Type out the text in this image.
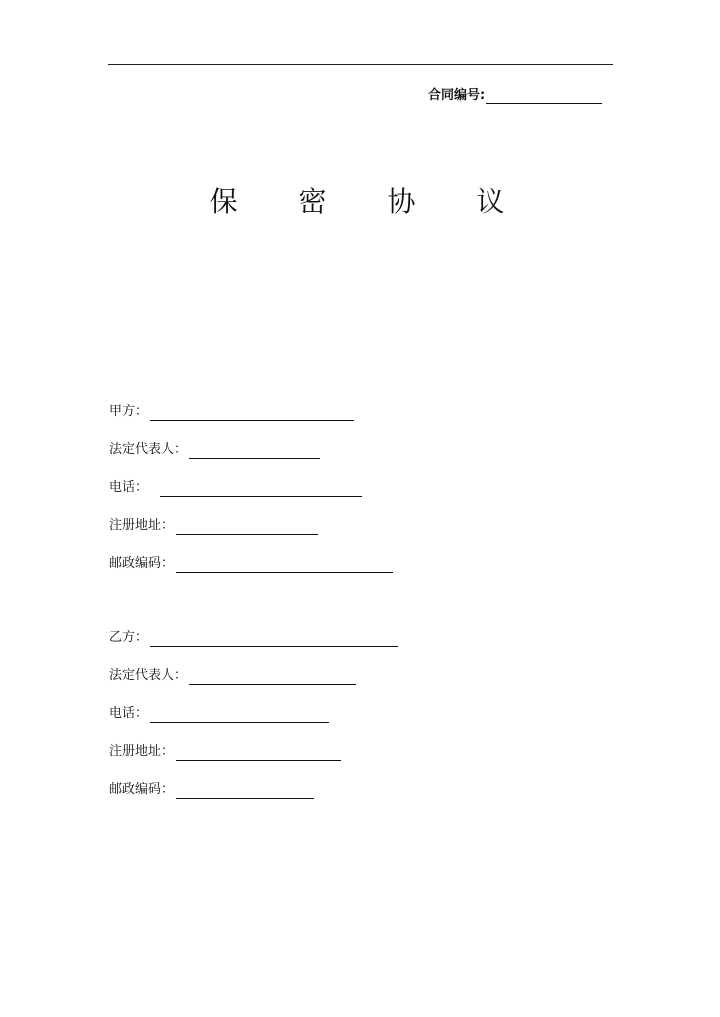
合同编号:
保 密 协 议
甲方：
法定代表人：
电话：
注册地址：
邮政编码：
乙方：
法定代表人：
电话：
注册地址：
邮政编码：
